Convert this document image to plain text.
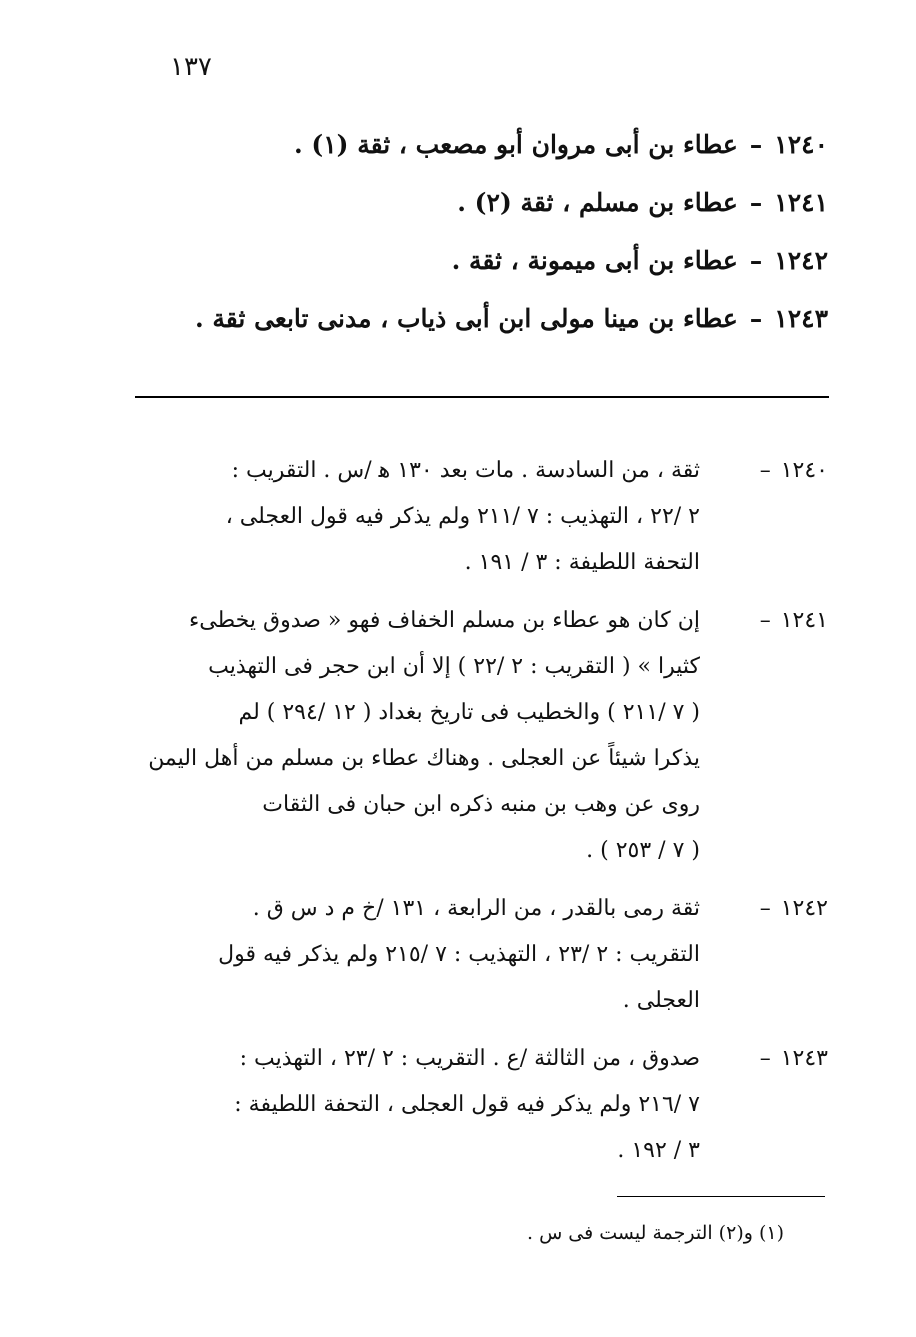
١٣٧
١٢٤٠–عطاء بن أبى مروان أبو مصعب ، ثقة (١) .
١٢٤١–عطاء بن مسلم ، ثقة (٢) .
١٢٤٢–عطاء بن أبى ميمونة ، ثقة .
١٢٤٣–عطاء بن مينا مولى ابن أبى ذياب ، مدنى تابعى ثقة .
١٢٤٠–
ثقة ، من السادسة . مات بعد ١٣٠ ﻫ /س . التقريب :
٢ /٢٢ ، التهذيب : ٧ /٢١١ ولم يذكر فيه قول العجلى ،
التحفة اللطيفة : ٣ / ١٩١ .
١٢٤١–
إن كان هو عطاء بن مسلم الخفاف فهو « صدوق يخطىء
كثيرا » ( التقريب : ٢ /٢٢ ) إلا أن ابن حجر فى التهذيب
( ٧ /٢١١ ) والخطيب فى تاريخ بغداد ( ١٢ /٢٩٤ ) لم
يذكرا شيئاً عن العجلى . وهناك عطاء بن مسلم من أهل اليمن
روى عن وهب بن منبه ذكره ابن حبان فى الثقات
( ٧ / ٢٥٣ ) .
١٢٤٢–
ثقة رمى بالقدر ، من الرابعة ، ١٣١ /خ م د س ق .
التقريب : ٢ /٢٣ ، التهذيب : ٧ /٢١٥ ولم يذكر فيه قول
العجلى .
١٢٤٣–
صدوق ، من الثالثة /ع . التقريب : ٢ /٢٣ ، التهذيب :
٧ /٢١٦ ولم يذكر فيه قول العجلى ، التحفة اللطيفة :
٣ / ١٩٢ .
(١) و(٢) الترجمة ليست فى س .
